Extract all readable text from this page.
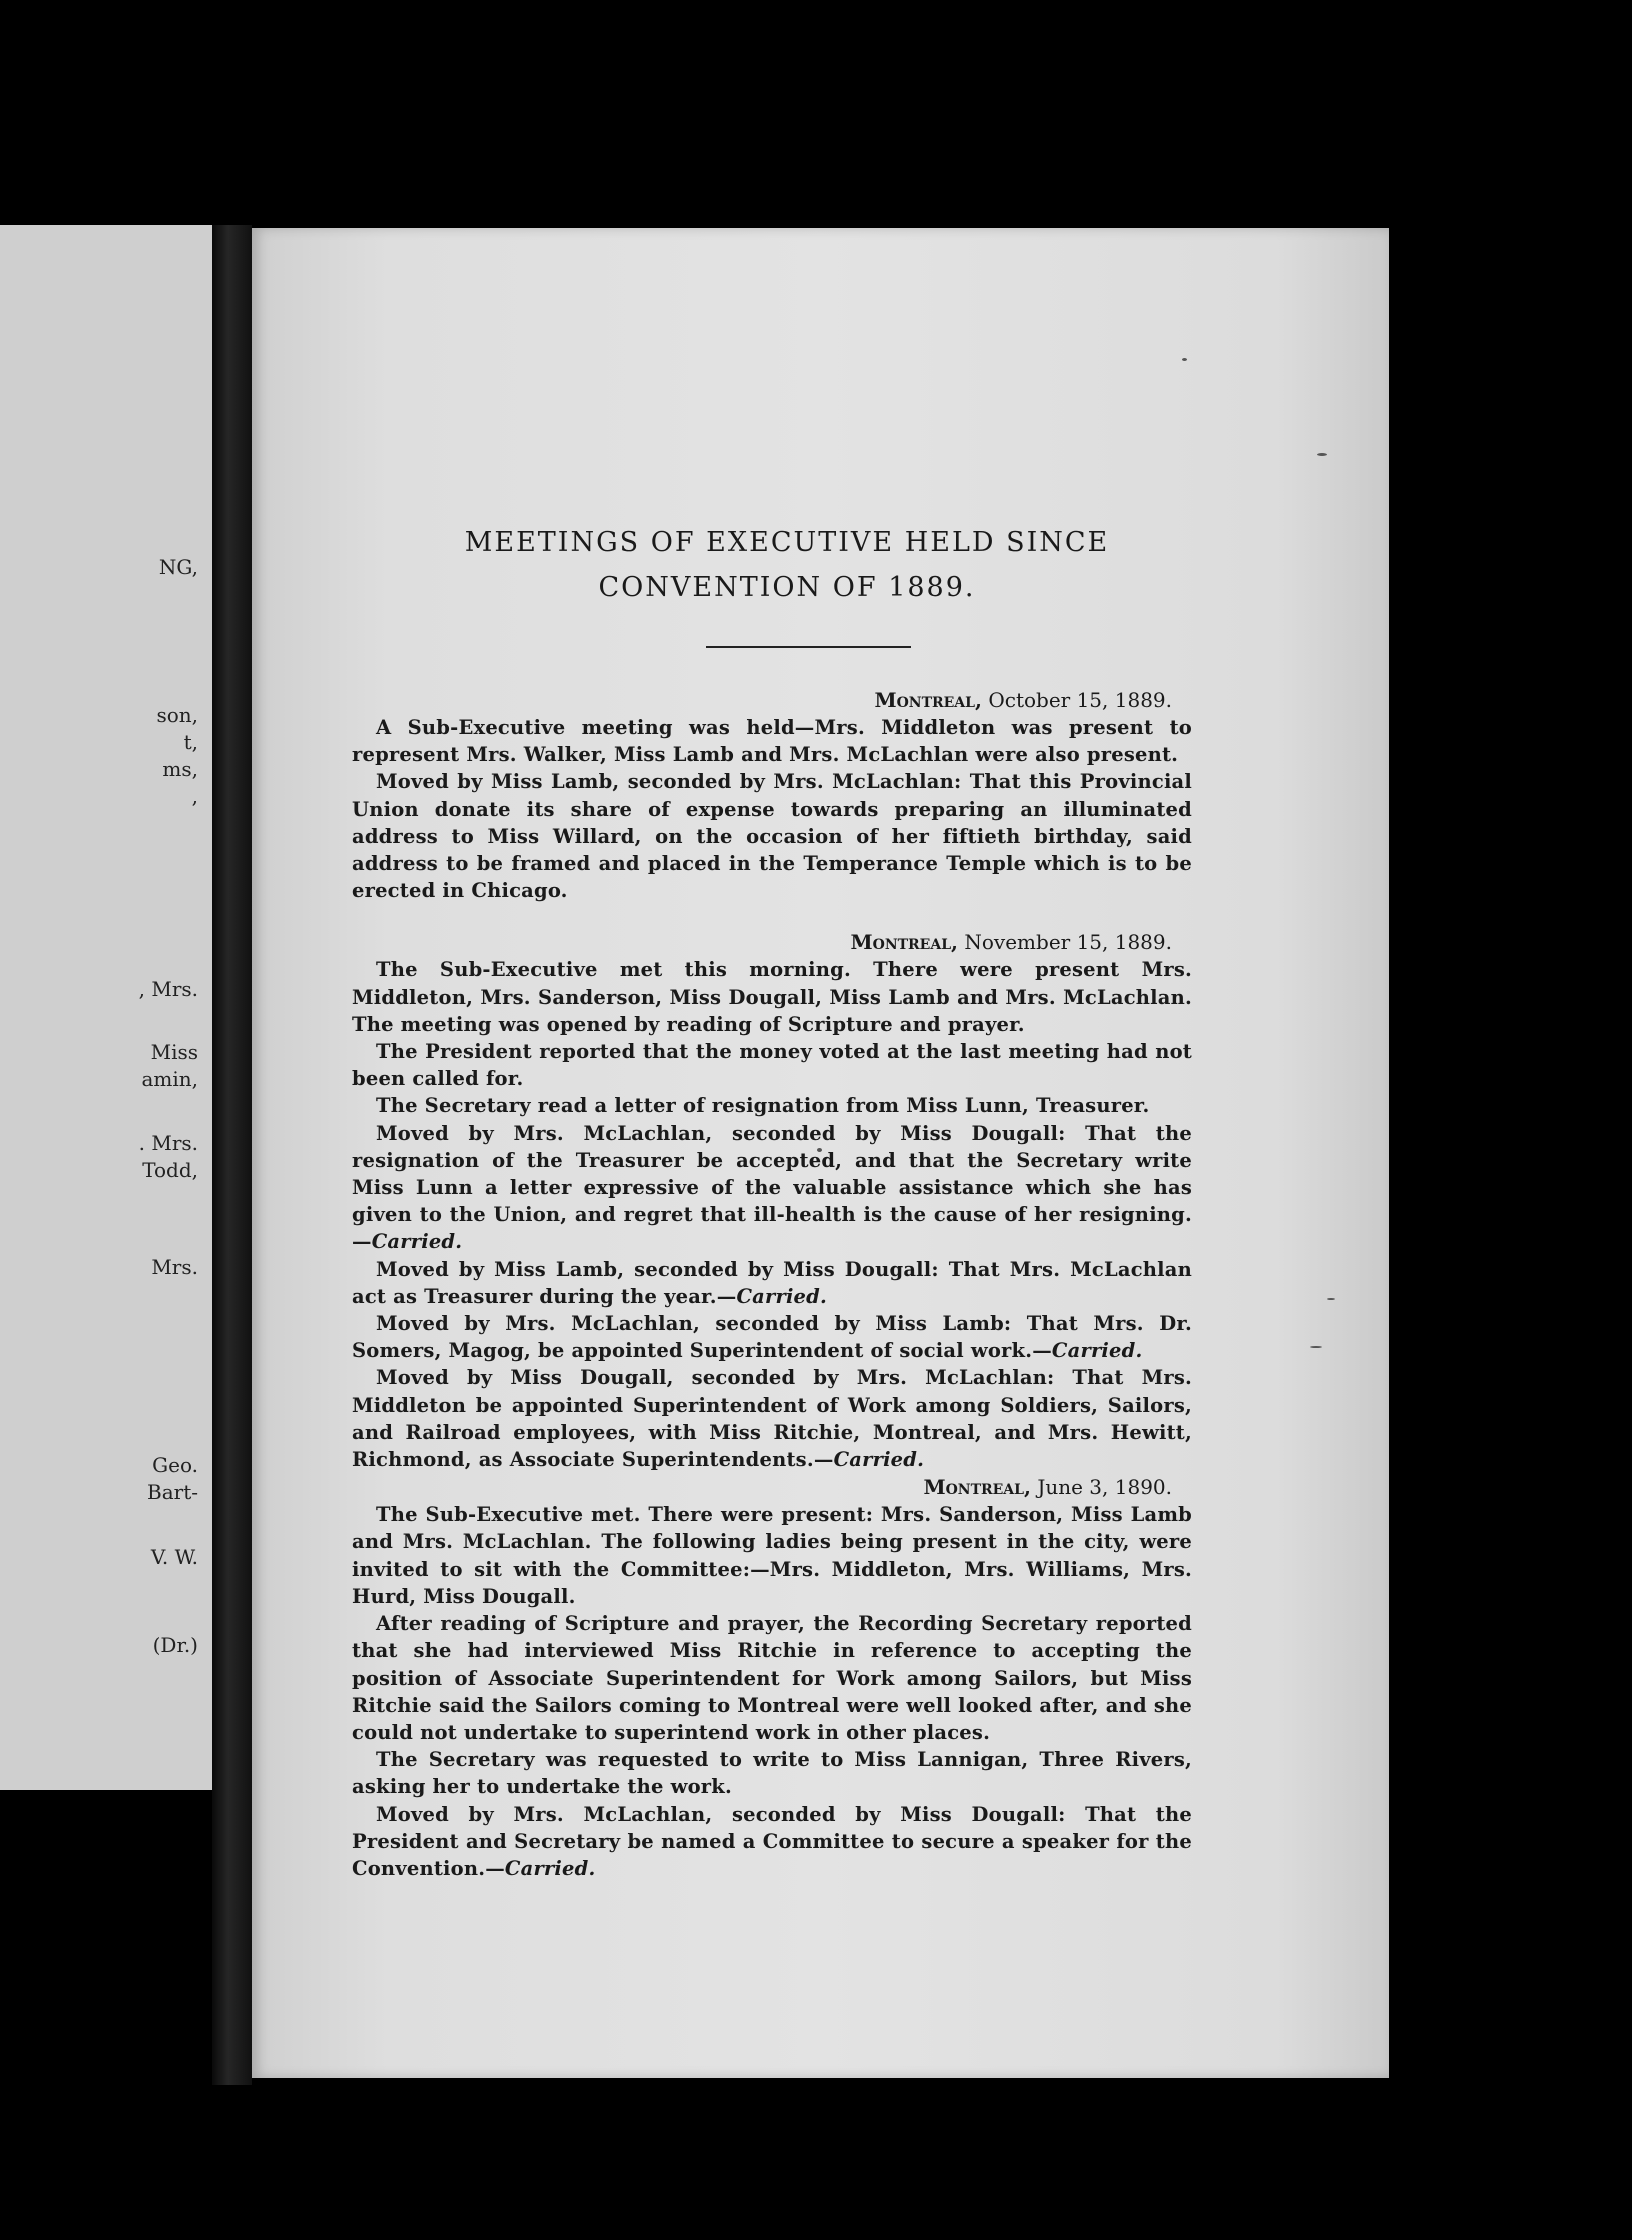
NG,
son,
t,
ms,
,
, Mrs.
Miss
amin,
. Mrs.
Todd,
Mrs.
Geo.
Bart-
V. W.
(Dr.)
MEETINGS OF EXECUTIVE HELD SINCE
CONVENTION OF 1889.

Montreal, October 15, 1889.

A Sub-Executive meeting was held—Mrs. Middleton was present to represent Mrs. Walker, Miss Lamb and Mrs. McLachlan were also present.

Moved by Miss Lamb, seconded by Mrs. McLachlan: That this Provincial Union donate its share of expense towards preparing an illuminated address to Miss Willard, on the occasion of her fiftieth birthday, said address to be framed and placed in the Temperance Temple which is to be erected in Chicago.

Montreal, November 15, 1889.

The Sub-Executive met this morning. There were present Mrs. Middleton, Mrs. Sanderson, Miss Dougall, Miss Lamb and Mrs. McLachlan. The meeting was opened by reading of Scripture and prayer.

The President reported that the money voted at the last meeting had not been called for.

The Secretary read a letter of resignation from Miss Lunn, Treasurer.

Moved by Mrs. McLachlan, seconded by Miss Dougall: That the resignation of the Treasurer be accepted, and that the Secretary write Miss Lunn a letter expressive of the valuable assistance which she has given to the Union, and regret that ill-health is the cause of her resigning.—Carried.

Moved by Miss Lamb, seconded by Miss Dougall: That Mrs. McLachlan act as Treasurer during the year.—Carried.

Moved by Mrs. McLachlan, seconded by Miss Lamb: That Mrs. Dr. Somers, Magog, be appointed Superintendent of social work.—Carried.

Moved by Miss Dougall, seconded by Mrs. McLachlan: That Mrs. Middleton be appointed Superintendent of Work among Soldiers, Sailors, and Railroad employees, with Miss Ritchie, Montreal, and Mrs. Hewitt, Richmond, as Associate Superintendents.—Carried.

Montreal, June 3, 1890.

The Sub-Executive met. There were present: Mrs. Sanderson, Miss Lamb and Mrs. McLachlan. The following ladies being present in the city, were invited to sit with the Committee:—Mrs. Middleton, Mrs. Williams, Mrs. Hurd, Miss Dougall.

After reading of Scripture and prayer, the Recording Secretary reported that she had interviewed Miss Ritchie in reference to accepting the position of Associate Superintendent for Work among Sailors, but Miss Ritchie said the Sailors coming to Montreal were well looked after, and she could not undertake to superintend work in other places.

The Secretary was requested to write to Miss Lannigan, Three Rivers, asking her to undertake the work.

Moved by Mrs. McLachlan, seconded by Miss Dougall: That the President and Secretary be named a Committee to secure a speaker for the Convention.—Carried.
